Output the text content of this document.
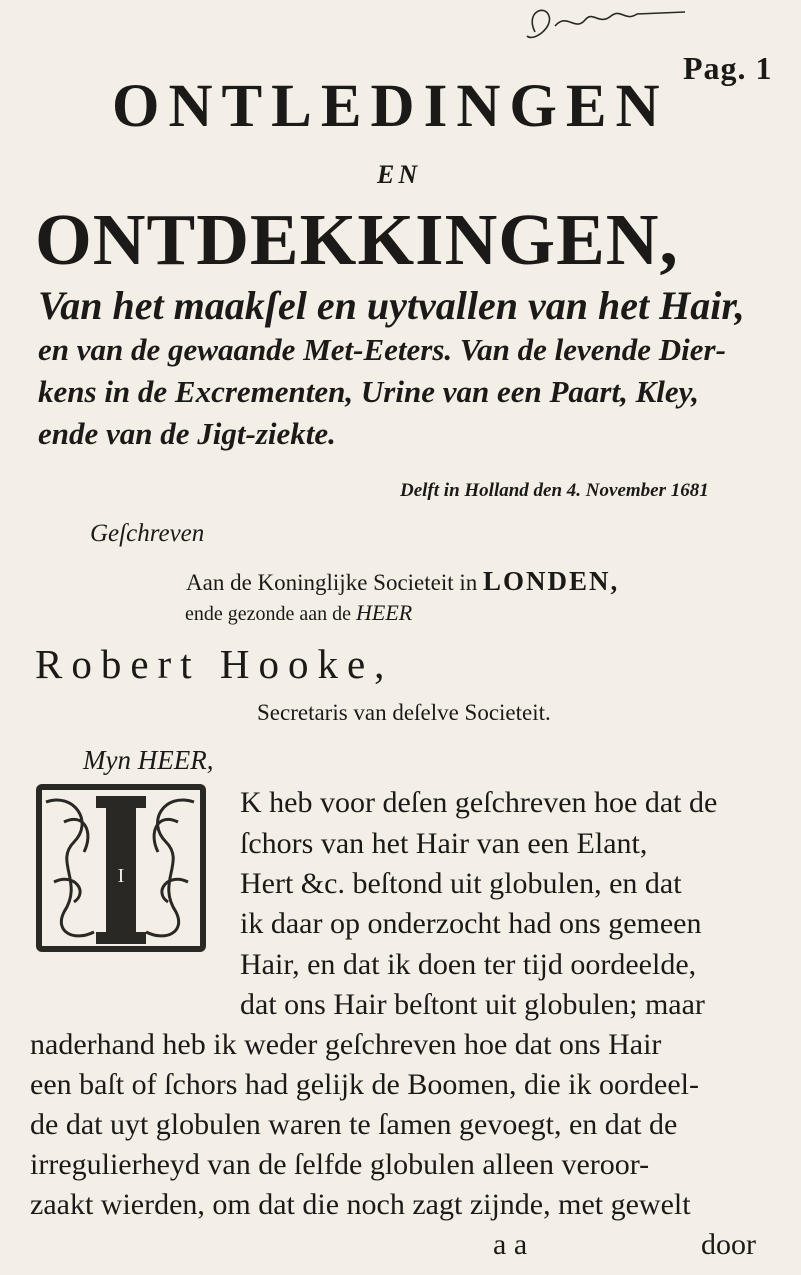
Pag. 1
ONTLEDINGEN
EN
ONTDEKKINGEN,
Van het maakſel en uytvallen van het Hair,
en van de gewaande Met-Eeters. Van de levende Dier-
kens in de Excrementen, Urine van een Paart, Kley,
ende van de Jigt-ziekte.
Delft in Holland den 4. November 1681
Geſchreven
Aan de Koninglijke Societeit in LONDEN,
ende gezonde aan de HEER
Robert Hooke,
Secretaris van deſelve Societeit.
Myn HEER,
I
K heb voor deſen geſchreven hoe dat de
ſchors van het Hair van een Elant,
Hert &c. beſtond uit globulen, en dat
ik daar op onderzocht had ons gemeen
Hair, en dat ik doen ter tijd oordeelde,
dat ons Hair beſtont uit globulen; maar
naderhand heb ik weder geſchreven hoe dat ons Hair
een baſt of ſchors had gelijk de Boomen, die ik oordeel-
de dat uyt globulen waren te ſamen gevoegt, en dat de
irregulierheyd van de ſelfde globulen alleen veroor-
zaakt wierden, om dat die noch zagt zijnde, met gewelt
a a	door
